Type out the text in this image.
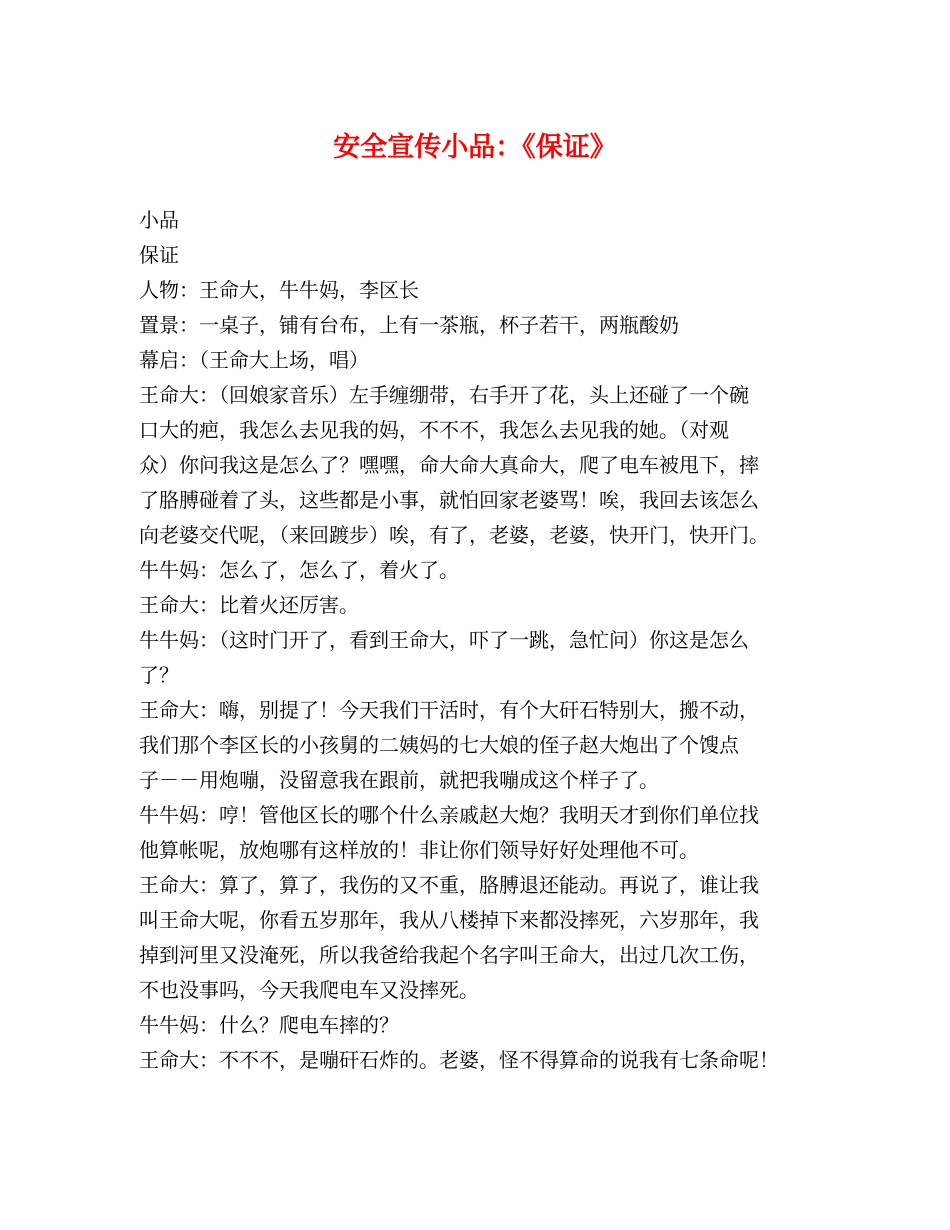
安全宣传小品：《保证》

小品

保证

人物：王命大，牛牛妈，李区长

置景：一桌子，铺有台布，上有一茶瓶，杯子若干，两瓶酸奶

幕启：（王命大上场，唱）

王命大：（回娘家音乐）左手缠绷带，右手开了花，头上还碰了一个碗

口大的疤，我怎么去见我的妈，不不不，我怎么去见我的她。（对观

众）你问我这是怎么了？嘿嘿，命大命大真命大，爬了电车被甩下，摔

了胳膊碰着了头，这些都是小事，就怕回家老婆骂！唉，我回去该怎么

向老婆交代呢，（来回踱步）唉，有了，老婆，老婆，快开门，快开门。

牛牛妈：怎么了，怎么了，着火了。

王命大：比着火还厉害。

牛牛妈：（这时门开了，看到王命大，吓了一跳，急忙问）你这是怎么

了？

王命大：嗨，别提了！今天我们干活时，有个大矸石特别大，搬不动，

我们那个李区长的小孩舅的二姨妈的七大娘的侄子赵大炮出了个馊点

子－－用炮嘣，没留意我在跟前，就把我嘣成这个样子了。

牛牛妈：哼！管他区长的哪个什么亲戚赵大炮？我明天才到你们单位找

他算帐呢，放炮哪有这样放的！非让你们领导好好处理他不可。

王命大：算了，算了，我伤的又不重，胳膊退还能动。再说了，谁让我

叫王命大呢，你看五岁那年，我从八楼掉下来都没摔死，六岁那年，我

掉到河里又没淹死，所以我爸给我起个名字叫王命大，出过几次工伤，

不也没事吗，今天我爬电车又没摔死。

牛牛妈：什么？爬电车摔的？

王命大：不不不，是嘣矸石炸的。老婆，怪不得算命的说我有七条命呢！
